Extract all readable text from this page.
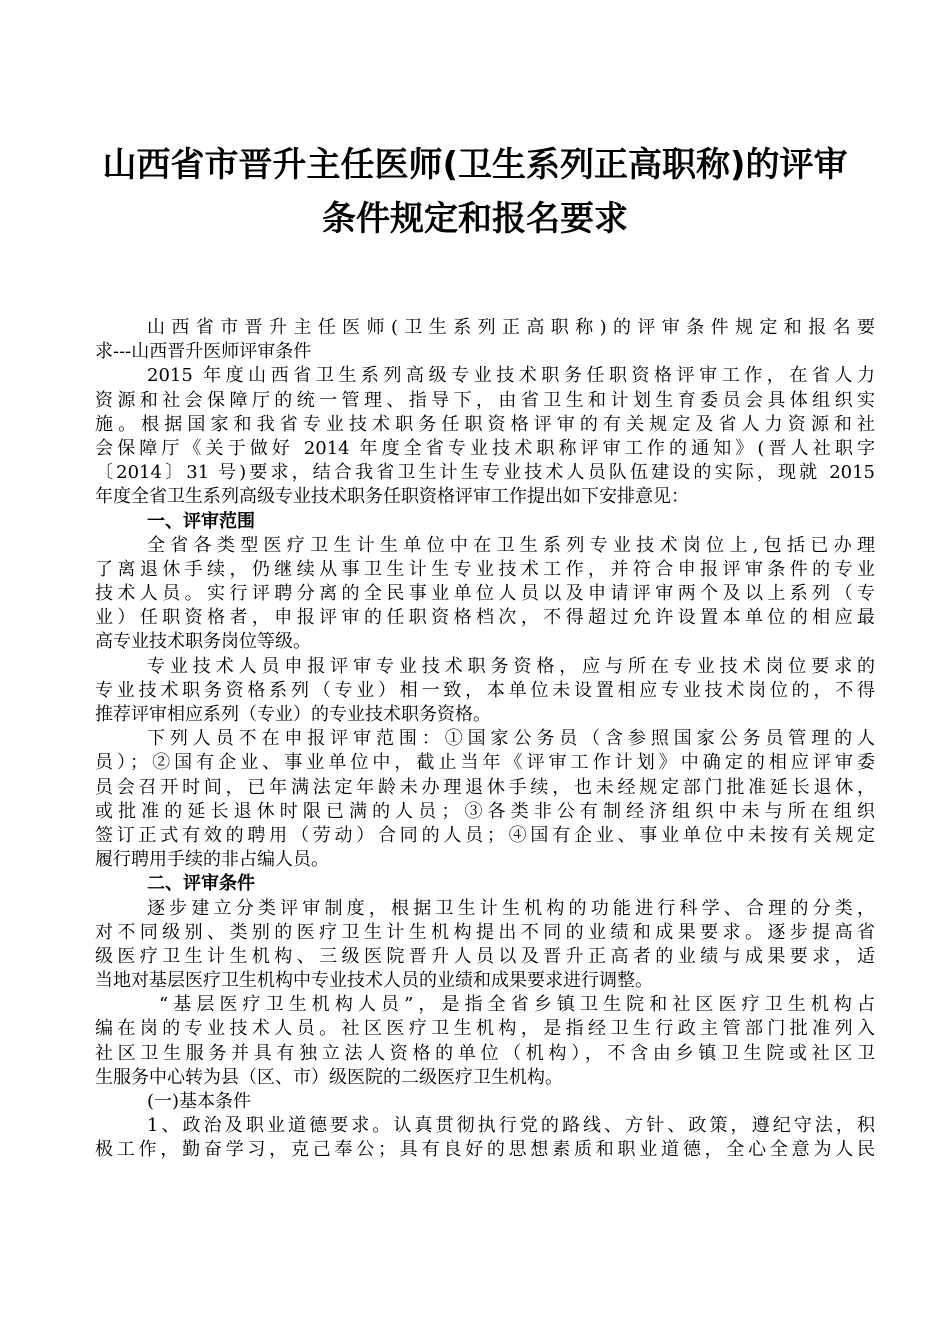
山西省市晋升主任医师(卫生系列正高职称)的评审
条件规定和报名要求
山西省市晋升主任医师(卫生系列正高职称)的评审条件规定和报名要
求---山西晋升医师评审条件
2015 年度山西省卫生系列高级专业技术职务任职资格评审工作，在省人力
资源和社会保障厅的统一管理、指导下，由省卫生和计划生育委员会具体组织实
施。根据国家和我省专业技术职务任职资格评审的有关规定及省人力资源和社
会保障厅《关于做好 2014 年度全省专业技术职称评审工作的通知》(晋人社职字
〔2014〕31 号)要求，结合我省卫生计生专业技术人员队伍建设的实际，现就 2015
年度全省卫生系列高级专业技术职务任职资格评审工作提出如下安排意见：
一、评审范围
全省各类型医疗卫生计生单位中在卫生系列专业技术岗位上,包括已办理
了离退休手续，仍继续从事卫生计生专业技术工作，并符合申报评审条件的专业
技术人员。实行评聘分离的全民事业单位人员以及申请评审两个及以上系列（专
业）任职资格者，申报评审的任职资格档次，不得超过允许设置本单位的相应最
高专业技术职务岗位等级。
专业技术人员申报评审专业技术职务资格，应与所在专业技术岗位要求的
专业技术职务资格系列（专业）相一致，本单位未设置相应专业技术岗位的，不得
推荐评审相应系列（专业）的专业技术职务资格。
下列人员不在申报评审范围：①国家公务员（含参照国家公务员管理的人
员）；②国有企业、事业单位中，截止当年《评审工作计划》中确定的相应评审委
员会召开时间，已年满法定年龄未办理退休手续，也未经规定部门批准延长退休，
或批准的延长退休时限已满的人员；③各类非公有制经济组织中未与所在组织
签订正式有效的聘用（劳动）合同的人员；④国有企业、事业单位中未按有关规定
履行聘用手续的非占编人员。
二、评审条件
逐步建立分类评审制度，根据卫生计生机构的功能进行科学、合理的分类，
对不同级别、类别的医疗卫生计生机构提出不同的业绩和成果要求。逐步提高省
级医疗卫生计生机构、三级医院晋升人员以及晋升正高者的业绩与成果要求，适
当地对基层医疗卫生机构中专业技术人员的业绩和成果要求进行调整。
“基层医疗卫生机构人员”，是指全省乡镇卫生院和社区医疗卫生机构占
编在岗的专业技术人员。社区医疗卫生机构，是指经卫生行政主管部门批准列入
社区卫生服务并具有独立法人资格的单位（机构），不含由乡镇卫生院或社区卫
生服务中心转为县（区、市）级医院的二级医疗卫生机构。
(一)基本条件
1、政治及职业道德要求。认真贯彻执行党的路线、方针、政策，遵纪守法，积
极工作，勤奋学习，克己奉公；具有良好的思想素质和职业道德，全心全意为人民
